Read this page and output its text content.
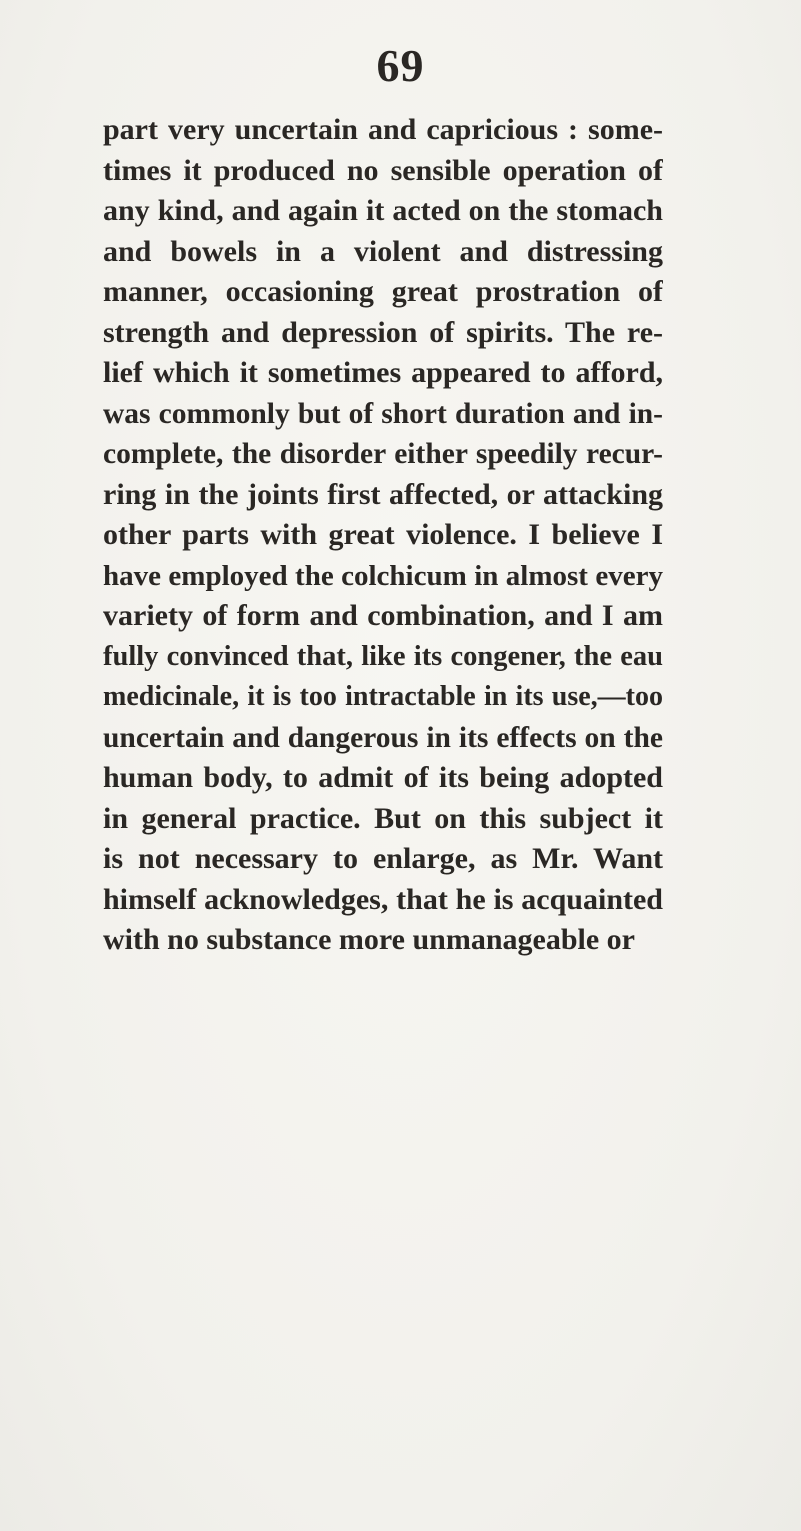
69
part very uncertain and capricious : some-
times it produced no sensible operation of
any kind, and again it acted on the stomach
and bowels in a violent and distressing
manner, occasioning great prostration of
strength and depression of spirits. The re-
lief which it sometimes appeared to afford,
was commonly but of short duration and in-
complete, the disorder either speedily recur-
ring in the joints first affected, or attacking
other parts with great violence. I believe I
have employed the colchicum in almost every
variety of form and combination, and I am
fully convinced that, like its congener, the eau
medicinale, it is too intractable in its use,—too
uncertain and dangerous in its effects on the
human body, to admit of its being adopted
in general practice. But on this subject it
is not necessary to enlarge, as Mr. Want
himself acknowledges, that he is acquainted
with no substance more unmanageable or
